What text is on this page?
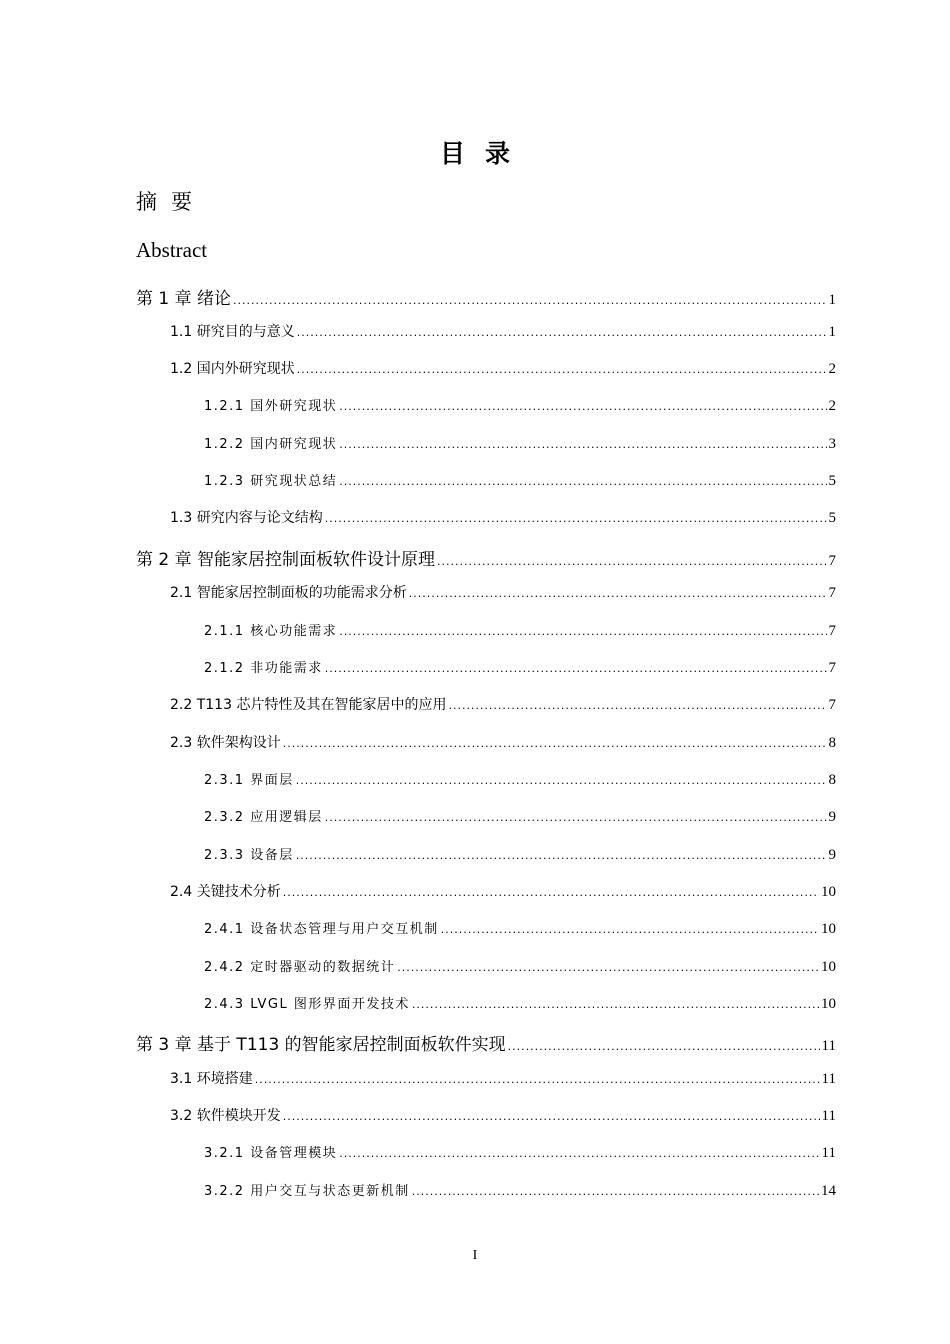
目录
摘要
Abstract
第 1 章 绪论 .....	1
1.1 研究目的与意义 .....	1
1.2 国内外研究现状 .....	2
1.2.1 国外研究现状 .....	2
1.2.2 国内研究现状 .....	3
1.2.3 研究现状总结 .....	5
1.3 研究内容与论文结构 .....	5
第 2 章 智能家居控制面板软件设计原理 .....	7
2.1 智能家居控制面板的功能需求分析 .....	7
2.1.1 核心功能需求 .....	7
2.1.2 非功能需求 .....	7
2.2 T113 芯片特性及其在智能家居中的应用 .....	7
2.3 软件架构设计 .....	8
2.3.1 界面层 .....	8
2.3.2 应用逻辑层 .....	9
2.3.3 设备层 .....	9
2.4 关键技术分析 .....	10
2.4.1 设备状态管理与用户交互机制 .....	10
2.4.2 定时器驱动的数据统计 .....	10
2.4.3 LVGL 图形界面开发技术 .....	10
第 3 章 基于 T113 的智能家居控制面板软件实现 .....	11
3.1 环境搭建 .....	11
3.2 软件模块开发 .....	11
3.2.1 设备管理模块 .....	11
3.2.2 用户交互与状态更新机制 .....	14
I
